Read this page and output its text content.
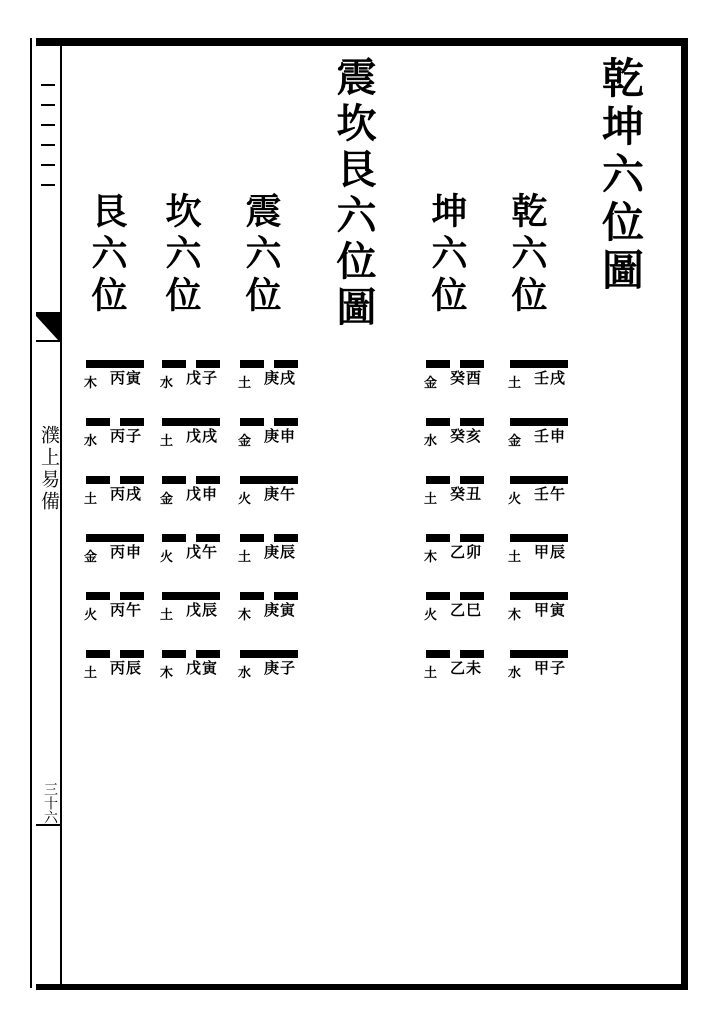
濮上易備
三十六
乾坤六位圖
震坎艮六位圖	乾六位
坤六位
震六位
坎六位
艮六位
土 壬戌
金 壬申
火 壬午
土 甲辰
木 甲寅
水 甲子
金 癸酉
水 癸亥
土 癸丑
木 乙卯
火 乙巳
土 乙未
土 庚戌
金 庚申
火 庚午
土 庚辰
木 庚寅
水 庚子
水 戊子
土 戊戌
金 戊申
火 戊午
土 戊辰
木 戊寅
木 丙寅
水 丙子
土 丙戌
金 丙申
火 丙午
土 丙辰
